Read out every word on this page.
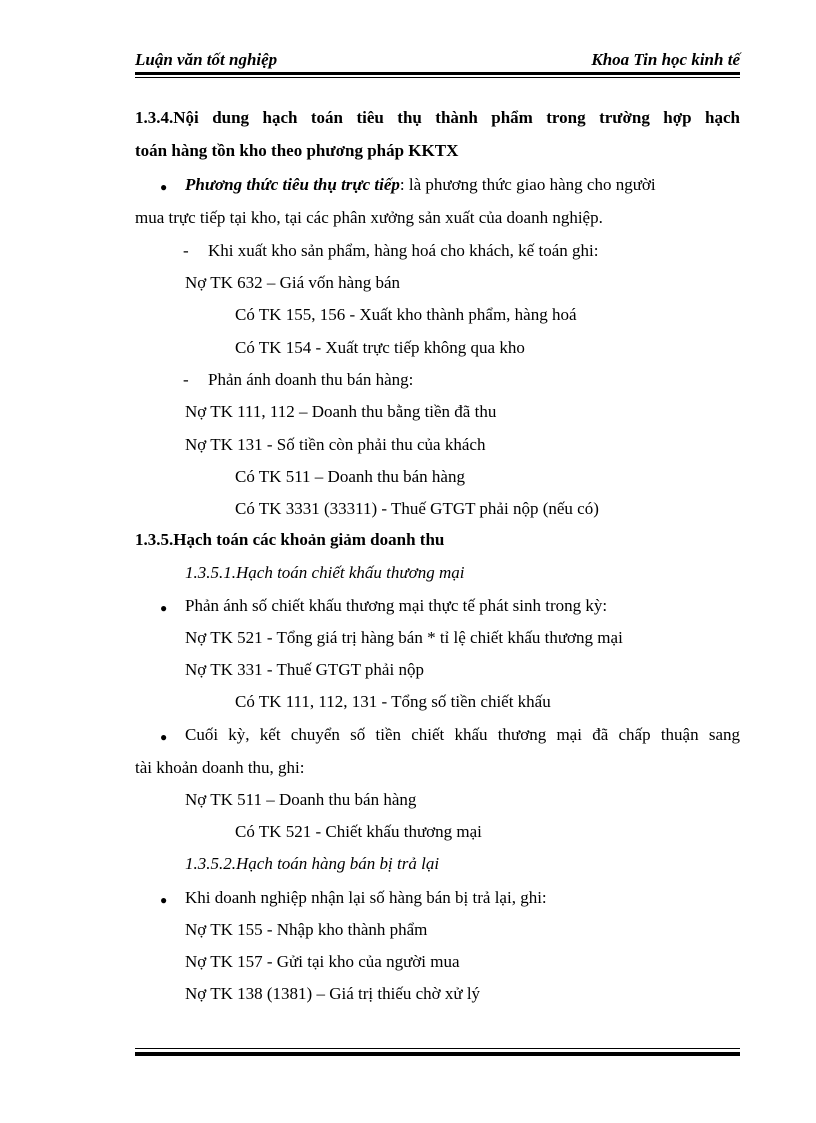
Luận văn tốt nghiệp	Khoa Tin học kinh tế
1.3.4.Nội dung hạch toán tiêu thụ thành phẩm trong trường hợp hạch
toán hàng tồn kho theo phương pháp KKTX
● Phương thức tiêu thụ trực tiếp: là phương thức giao hàng cho người
mua trực tiếp tại kho, tại các phân xưởng sản xuất của doanh nghiệp.
- Khi xuất kho sản phẩm, hàng hoá cho khách, kế toán ghi:
Nợ TK 632 – Giá vốn hàng bán
Có TK 155, 156 - Xuất kho thành phẩm, hàng hoá
Có TK 154 - Xuất trực tiếp không qua kho
- Phản ánh doanh thu bán hàng:
Nợ TK 111, 112 – Doanh thu bằng tiền đã thu
Nợ TK 131 - Số tiền còn phải thu của khách
Có TK 511 – Doanh thu bán hàng
Có TK 3331 (33311) - Thuế GTGT phải nộp (nếu có)
1.3.5.Hạch toán các khoản giảm doanh thu
1.3.5.1.Hạch toán chiết khấu thương mại
● Phản ánh số chiết khấu thương mại thực tế phát sinh trong kỳ:
Nợ TK 521 - Tổng giá trị hàng bán * tỉ lệ chiết khấu thương mại
Nợ TK 331 - Thuế GTGT phải nộp
Có TK 111, 112, 131 - Tổng số tiền chiết khấu
● Cuối kỳ, kết chuyển số tiền chiết khấu thương mại đã chấp thuận sang
tài khoản doanh thu, ghi:
Nợ TK 511 – Doanh thu bán hàng
Có TK 521 - Chiết khấu thương mại
1.3.5.2.Hạch toán hàng bán bị trả lại
● Khi doanh nghiệp nhận lại số hàng bán bị trả lại, ghi:
Nợ TK 155 - Nhập kho thành phẩm
Nợ TK 157 - Gửi tại kho của người mua
Nợ TK 138 (1381) – Giá trị thiếu chờ xử lý
